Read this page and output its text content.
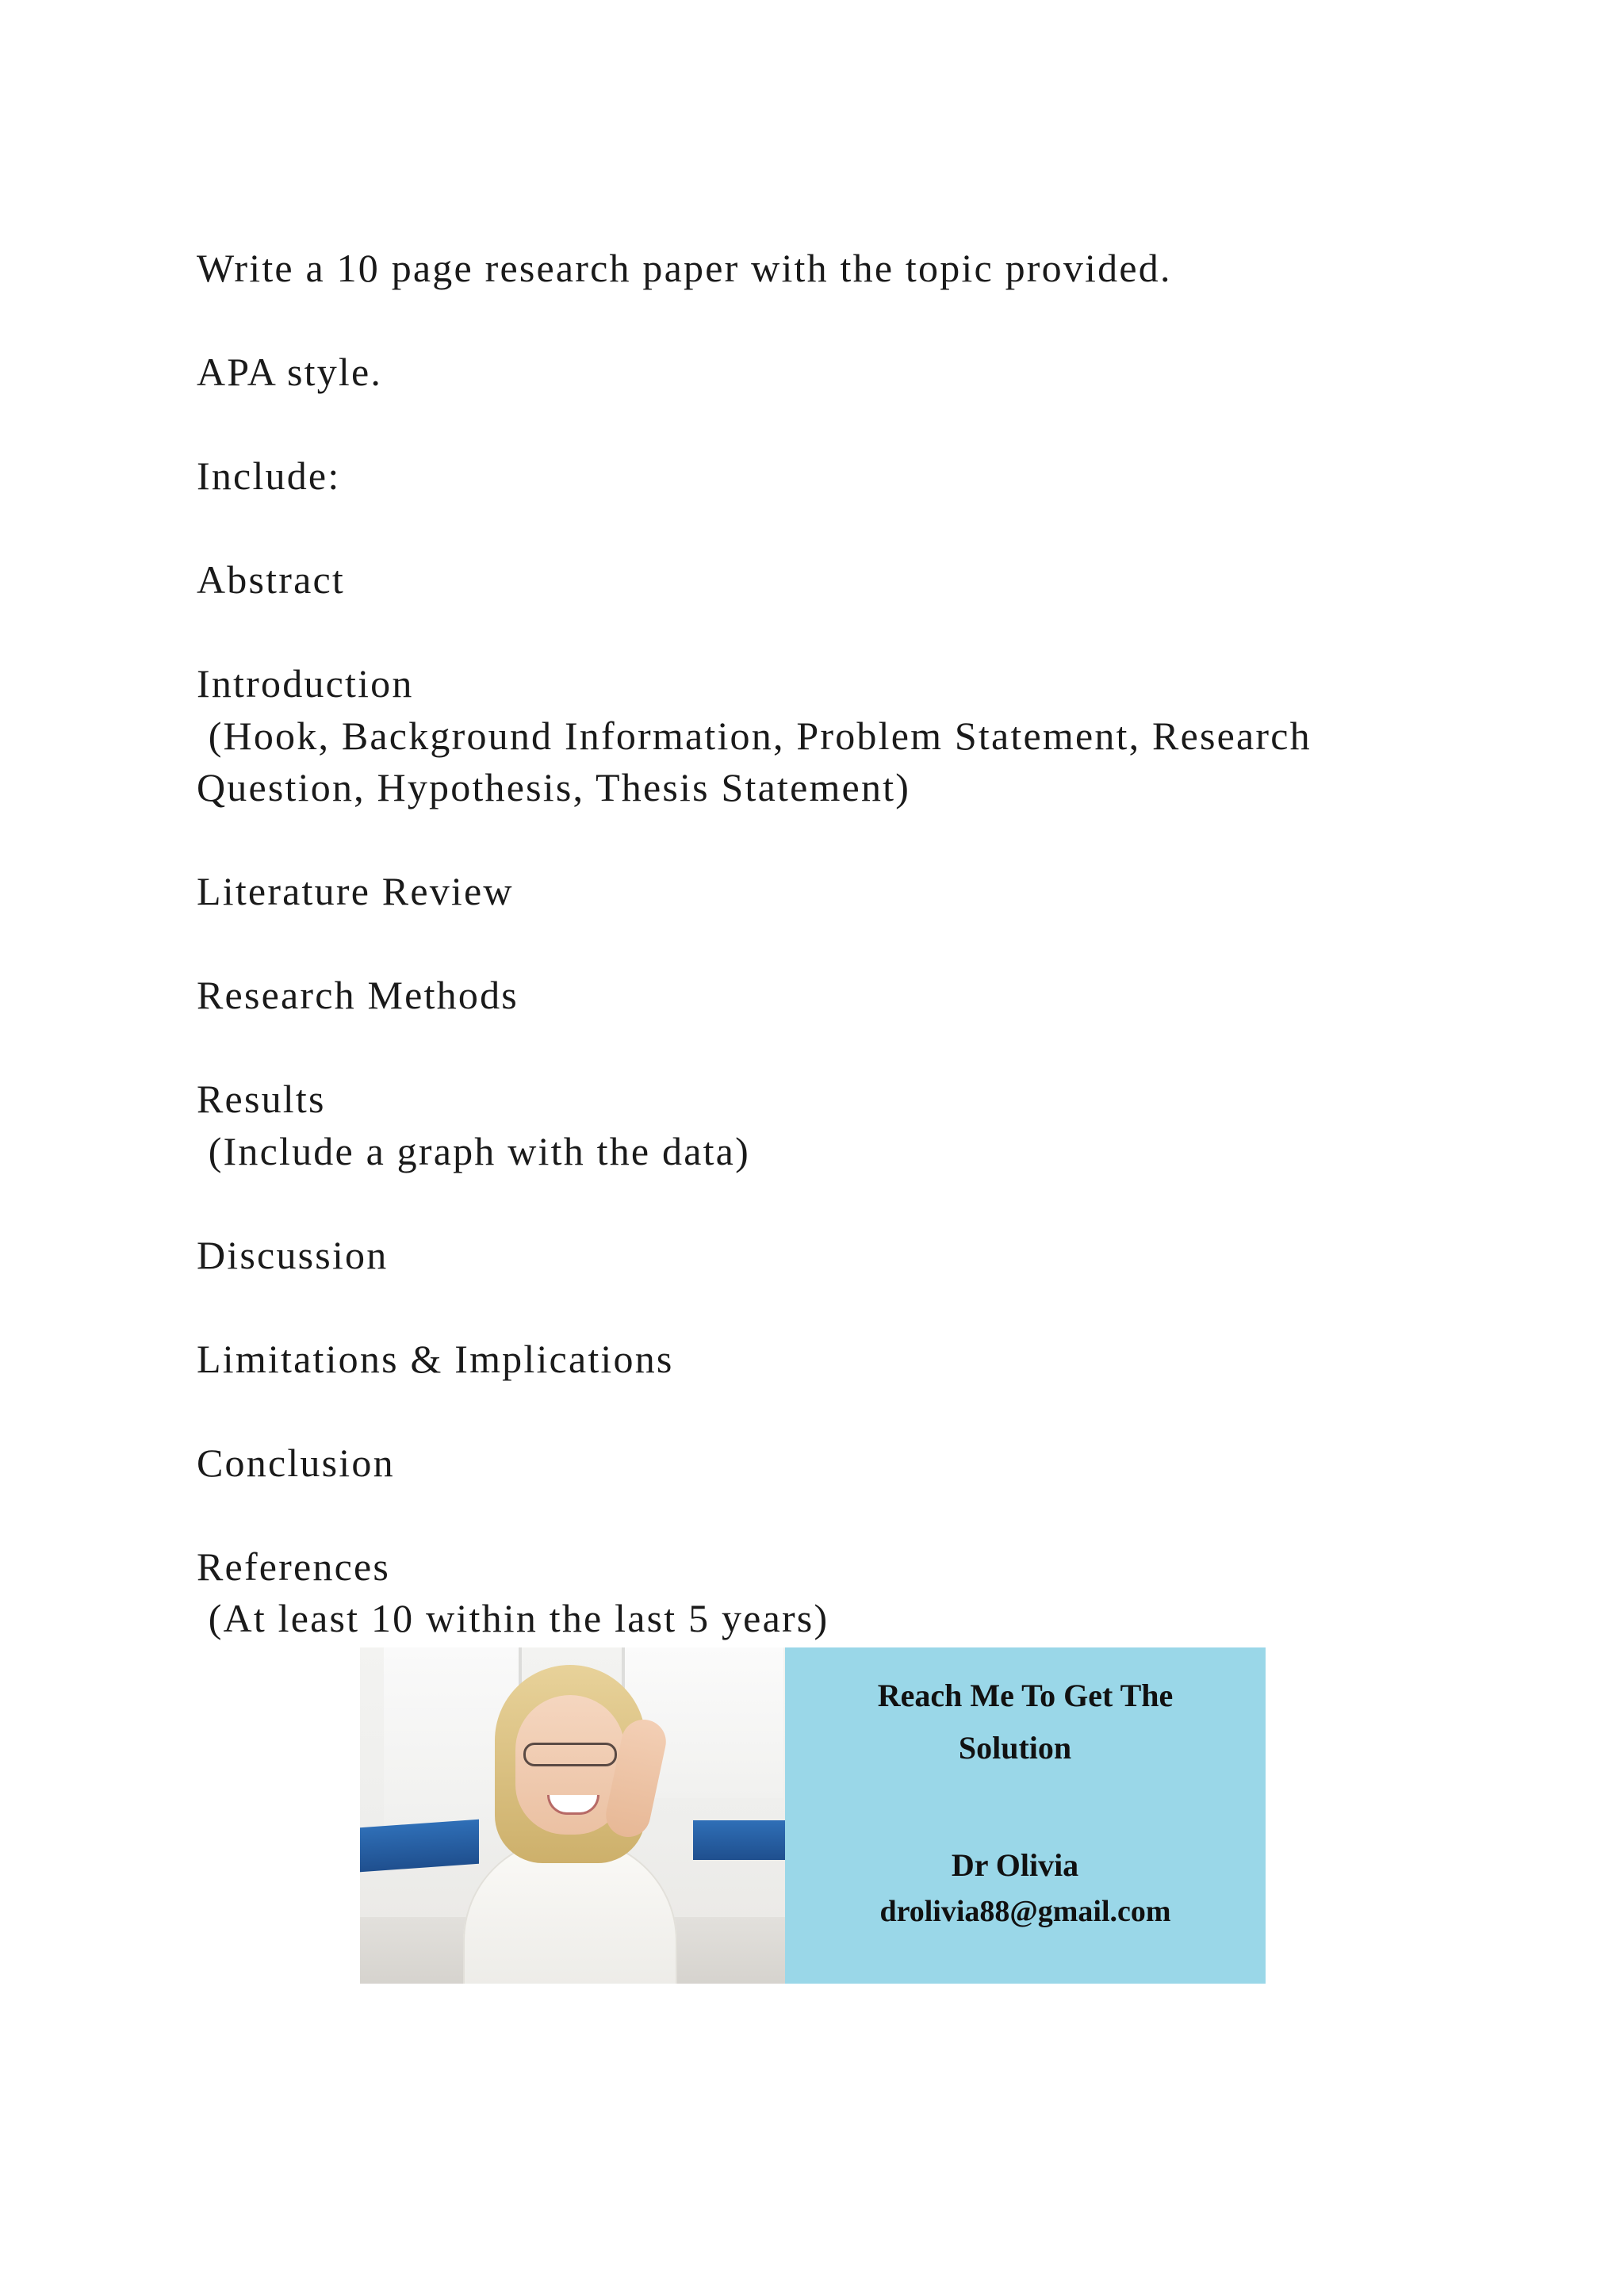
Write a 10 page research paper with the topic provided.

APA style.

Include:

Abstract

Introduction

(Hook, Background Information, Problem Statement, Research

Question, Hypothesis, Thesis Statement)

Literature Review

Research Methods

Results

(Include a graph with the data)

Discussion

Limitations & Implications

Conclusion

References

(At least 10 within the last 5 years)

Reach Me To Get The
Solution
Dr Olivia
drolivia88@gmail.com
